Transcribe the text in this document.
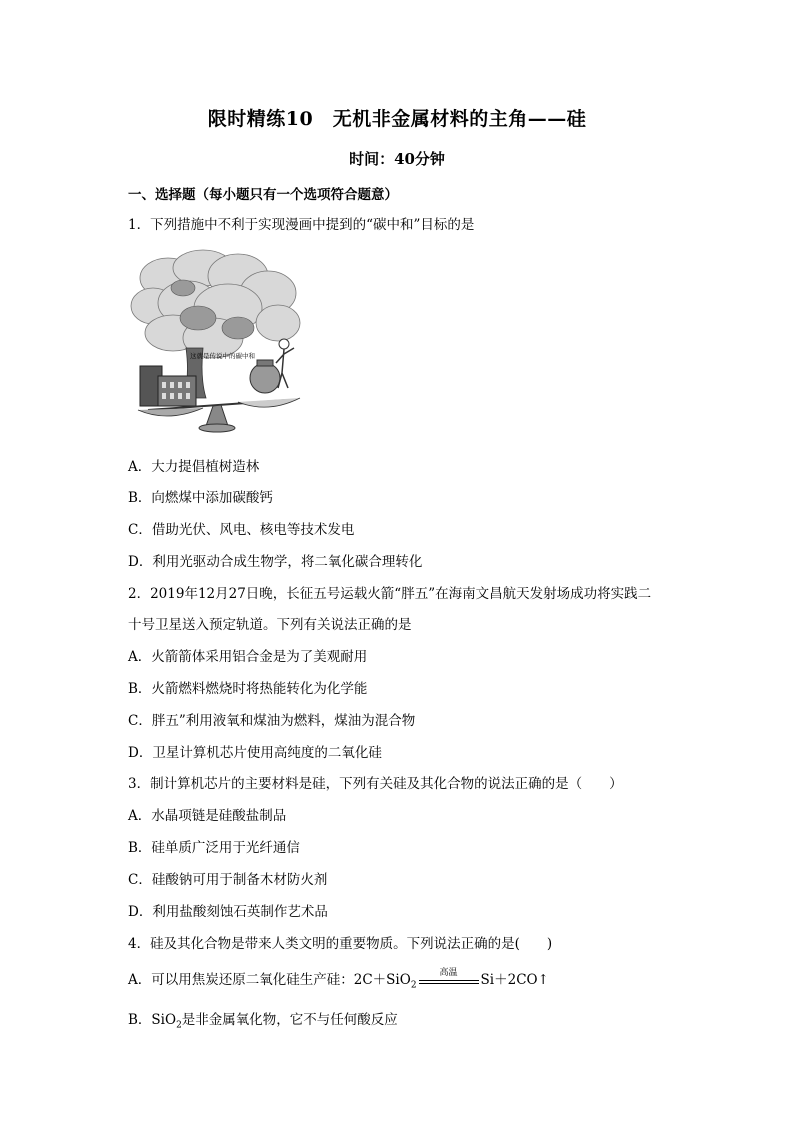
限时精练10　无机非金属材料的主角——硅
时间：40分钟
一、选择题（每小题只有一个选项符合题意）
1．下列措施中不利于实现漫画中提到的“碳中和”目标的是
这就是传说中的碳中和
A．大力提倡植树造林
B．向燃煤中添加碳酸钙
C．借助光伏、风电、核电等技术发电
D．利用光驱动合成生物学，将二氧化碳合理转化
2．2019年12月27日晚，长征五号运载火箭“胖五”在海南文昌航天发射场成功将实践二
十号卫星送入预定轨道。下列有关说法正确的是
A．火箭箭体采用铝合金是为了美观耐用
B．火箭燃料燃烧时将热能转化为化学能
C．胖五”利用液氧和煤油为燃料，煤油为混合物
D．卫星计算机芯片使用高纯度的二氧化硅
3．制计算机芯片的主要材料是硅，下列有关硅及其化合物的说法正确的是（　　）
A．水晶项链是硅酸盐制品
B．硅单质广泛用于光纤通信
C．硅酸钠可用于制备木材防火剂
D．利用盐酸刻蚀石英制作艺术品
4．硅及其化合物是带来人类文明的重要物质。下列说法正确的是(　　)
A．可以用焦炭还原二氧化硅生产硅：2C＋SiO$_2$
高温	Si＋2CO↑
B．SiO$_2$是非金属氧化物，它不与任何酸反应
